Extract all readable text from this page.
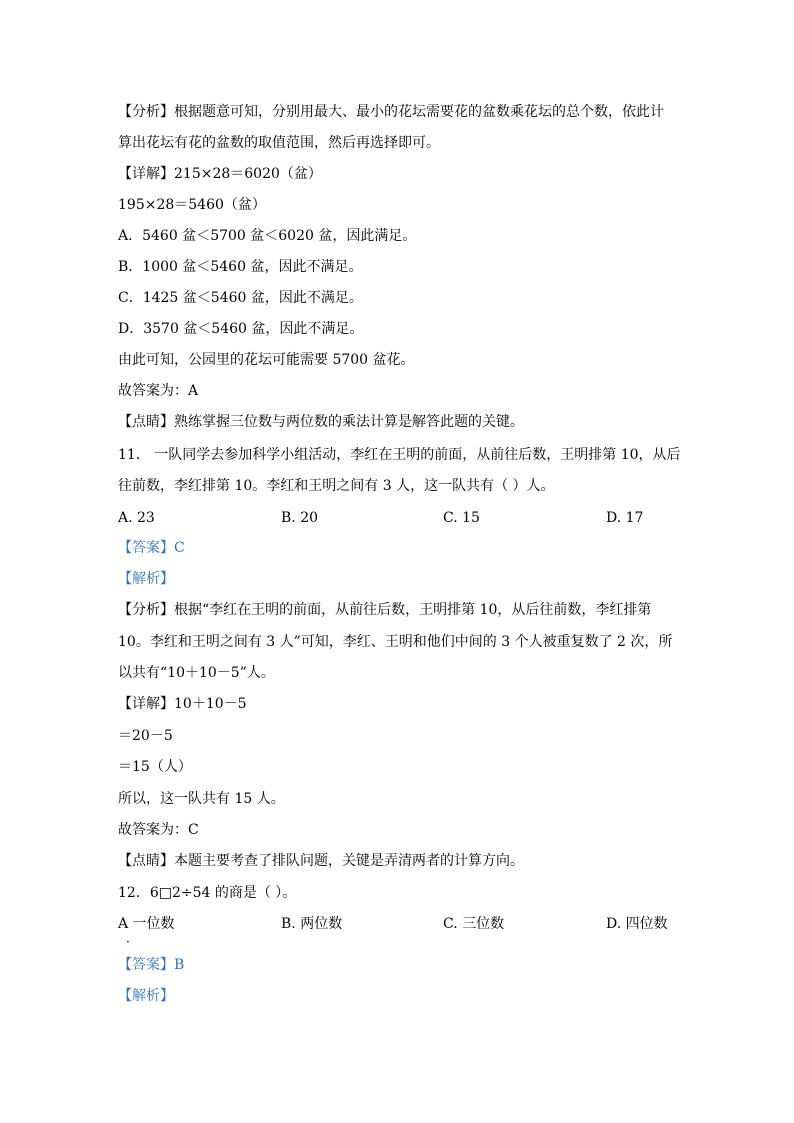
【分析】根据题意可知，分别用最大、最小的花坛需要花的盆数乘花坛的总个数，依此计
算出花坛有花的盆数的取值范围，然后再选择即可。
【详解】215×28＝6020（盆）
195×28＝5460（盆）
A．5460 盆＜5700 盆＜6020 盆，因此满足。
B．1000 盆＜5460 盆，因此不满足。
C．1425 盆＜5460 盆，因此不满足。
D．3570 盆＜5460 盆，因此不满足。
由此可知，公园里的花坛可能需要 5700 盆花。
故答案为：A
【点睛】熟练掌握三位数与两位数的乘法计算是解答此题的关键。
11． 一队同学去参加科学小组活动，李红在王明的前面，从前往后数，王明排第 10，从后
往前数，李红排第 10。李红和王明之间有 3 人，这一队共有（ ）人。
A. 23	B. 20	C. 15	D. 17
【答案】C
【解析】
【分析】根据“李红在王明的前面，从前往后数，王明排第 10，从后往前数，李红排第
10。李红和王明之间有 3 人”可知，李红、王明和他们中间的 3 个人被重复数了 2 次，所
以共有“10＋10－5”人。
【详解】10＋10－5
＝20－5
＝15（人）
所以，这一队共有 15 人。
故答案为：C
【点睛】本题主要考查了排队问题，关键是弄清两者的计算方向。
12．6□2÷54 的商是（ ）。
A 一位数
·
B. 两位数	C. 三位数	D. 四位数
【答案】B
【解析】
